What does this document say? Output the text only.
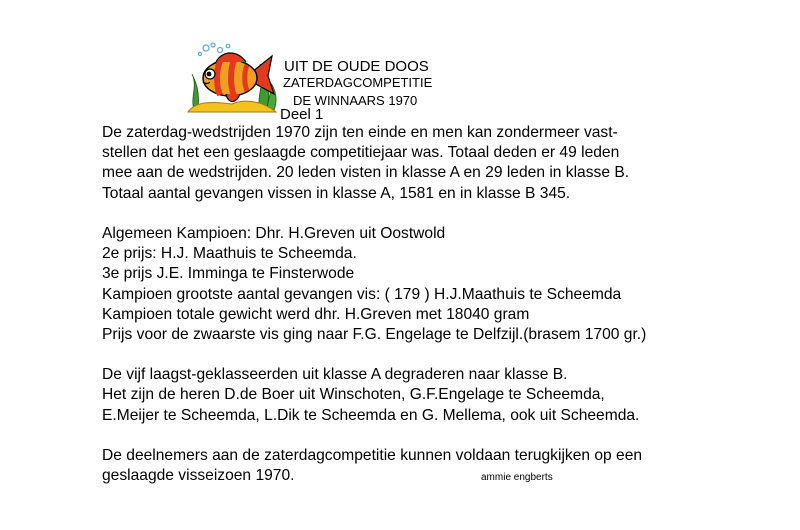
UIT DE OUDE DOOS
ZATERDAGCOMPETITIE
DE WINNAARS 1970
Deel 1
De zaterdag-wedstrijden 1970 zijn ten einde en men kan zondermeer vast-
stellen dat het een geslaagde competitiejaar was. Totaal deden er 49 leden
mee aan de wedstrijden. 20 leden visten in klasse A en 29 leden in klasse B.
Totaal aantal gevangen vissen in klasse A, 1581 en in klasse B 345.
Algemeen Kampioen: Dhr. H.Greven uit Oostwold
2e prijs: H.J. Maathuis te Scheemda.
3e prijs J.E. Imminga te Finsterwode
Kampioen grootste aantal gevangen vis: ( 179 ) H.J.Maathuis te Scheemda
Kampioen totale gewicht werd dhr. H.Greven met 18040 gram
Prijs voor de zwaarste vis ging naar F.G. Engelage te Delfzijl.(brasem 1700 gr.)
De vijf laagst-geklasseerden uit klasse A degraderen naar klasse B.
Het zijn de heren D.de Boer uit Winschoten, G.F.Engelage te Scheemda,
E.Meijer te Scheemda, L.Dik te Scheemda en G. Mellema, ook uit Scheemda.
De deelnemers aan de zaterdagcompetitie kunnen voldaan terugkijken op een
geslaagde visseizoen 1970.	ammie engberts
